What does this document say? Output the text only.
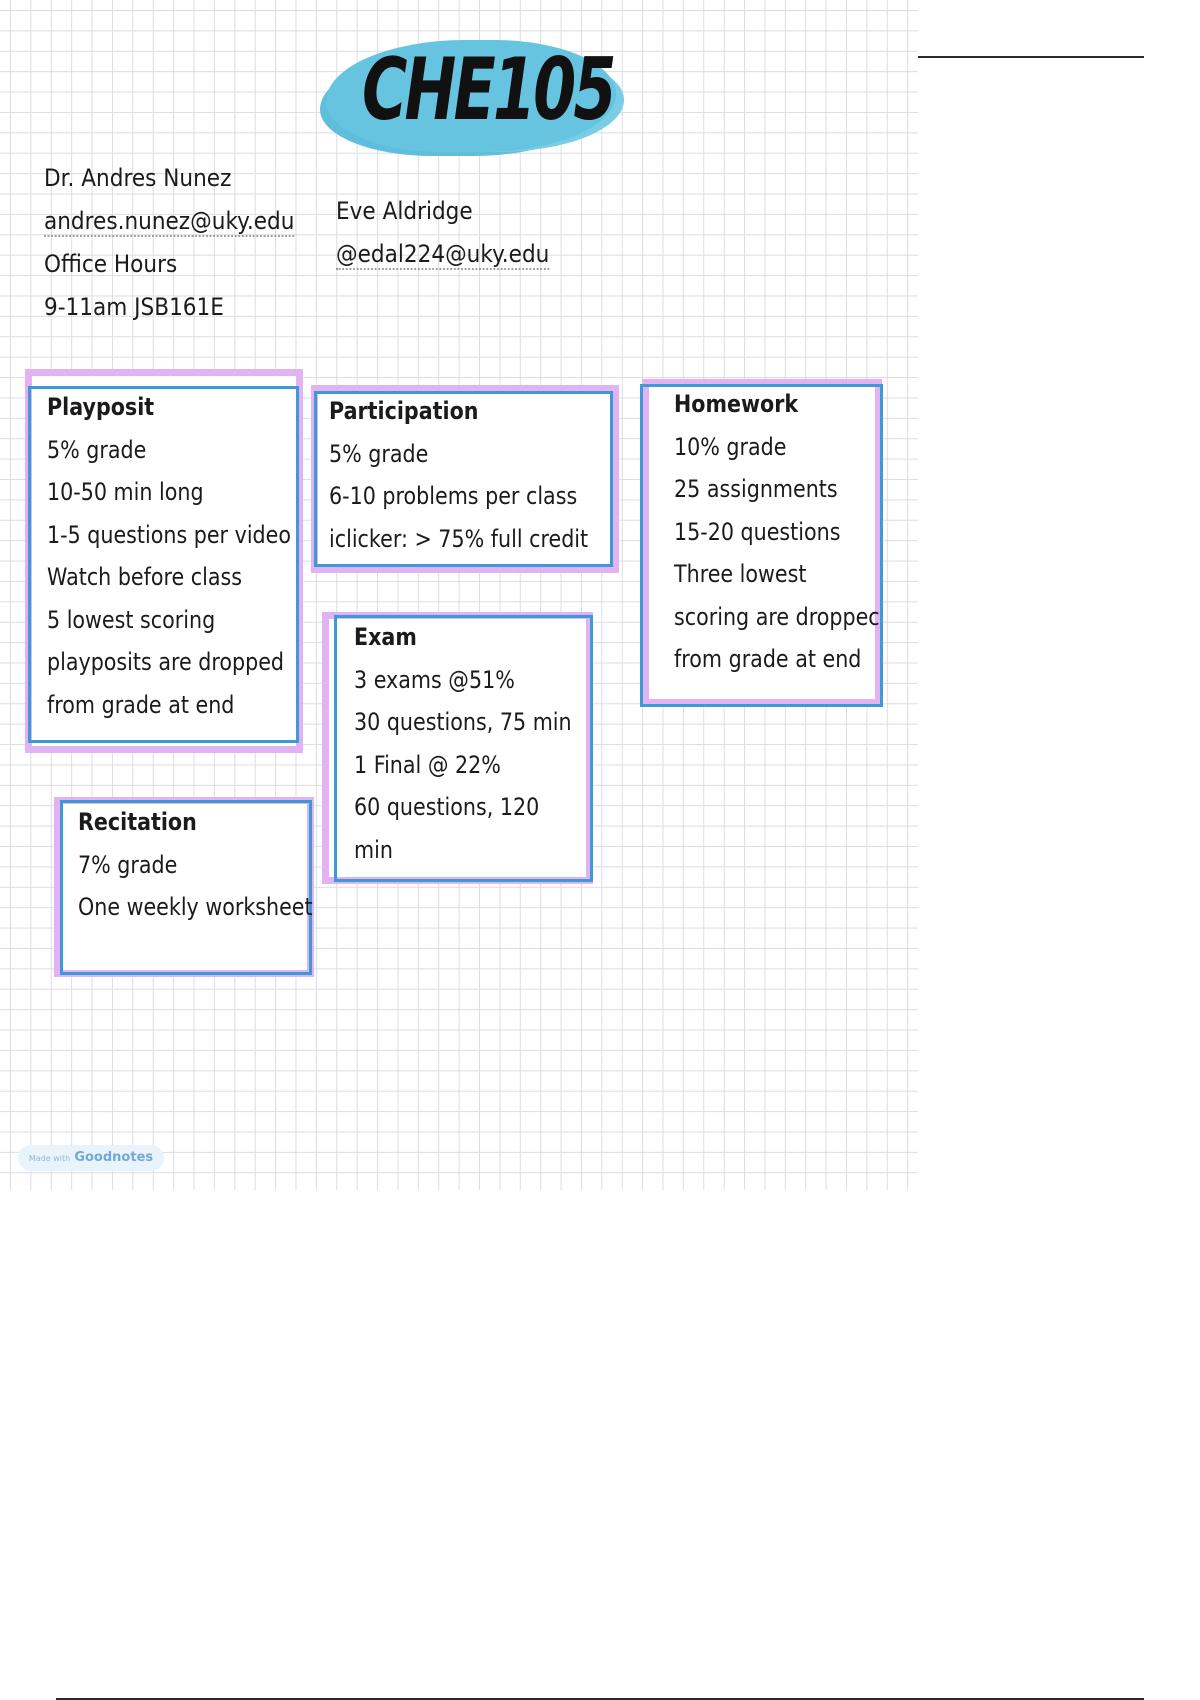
CHE105
Dr. Andres Nunez
andres.nunez@uky.edu
Office Hours
9-11am JSB161E
Eve Aldridge
@edal224@uky.edu
Playposit
5% grade
10-50 min long
1-5 questions per video
Watch before class
5 lowest scoring
playposits are dropped
from grade at end
Participation
5% grade
6-10 problems per class
iclicker: > 75% full credit
Homework
10% grade
25 assignments
15-20 questions
Three lowest
scoring are droppec
from grade at end
Exam
3 exams @51%
30 questions, 75 min
1 Final @ 22%
60 questions, 120
min
Recitation
7% grade
One weekly worksheet
Made with Goodnotes
